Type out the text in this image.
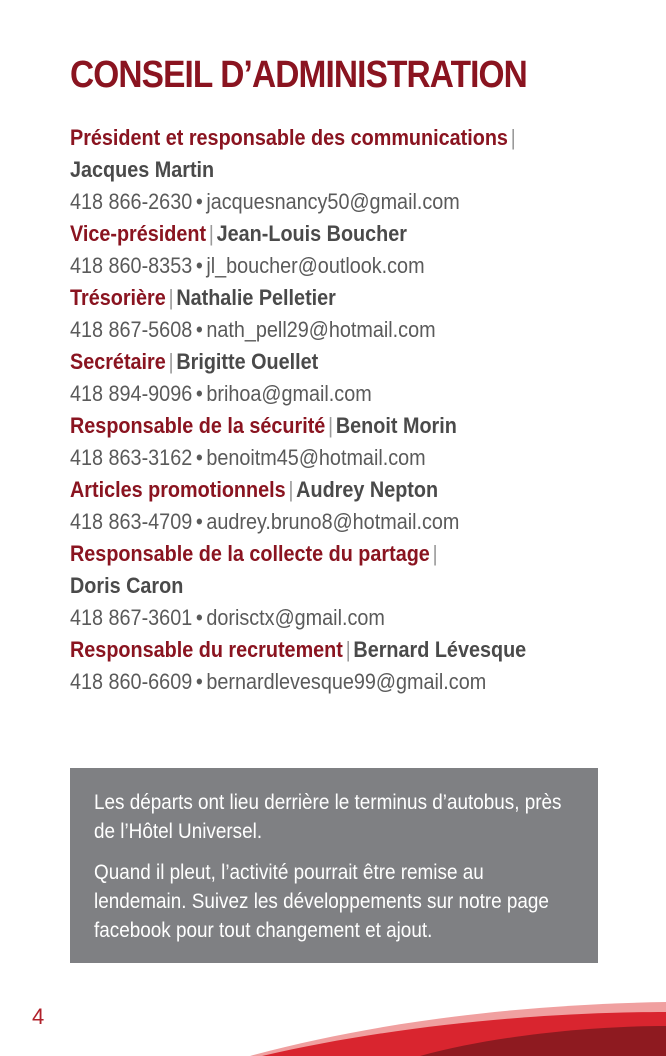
CONSEIL D’ADMINISTRATION
Président et responsable des communications |
Jacques Martin
418 866-2630 • jacquesnancy50@gmail.com
Vice-président | Jean-Louis Boucher
418 860-8353 • jl_boucher@outlook.com
Trésorière | Nathalie Pelletier
418 867-5608 • nath_pell29@hotmail.com
Secrétaire | Brigitte Ouellet
418 894-9096 • brihoa@gmail.com
Responsable de la sécurité | Benoit Morin
418 863-3162 • benoitm45@hotmail.com
Articles promotionnels | Audrey Nepton
418 863-4709 • audrey.bruno8@hotmail.com
Responsable de la collecte du partage |
Doris Caron
418 867-3601 • dorisctx@gmail.com
Responsable du recrutement | Bernard Lévesque
418 860-6609 • bernardlevesque99@gmail.com

Les départs ont lieu derrière le terminus d’autobus, près de l’Hôtel Universel.

Quand il pleut, l’activité pourrait être remise au lendemain. Suivez les développements sur notre page facebook pour tout changement et ajout.

4
